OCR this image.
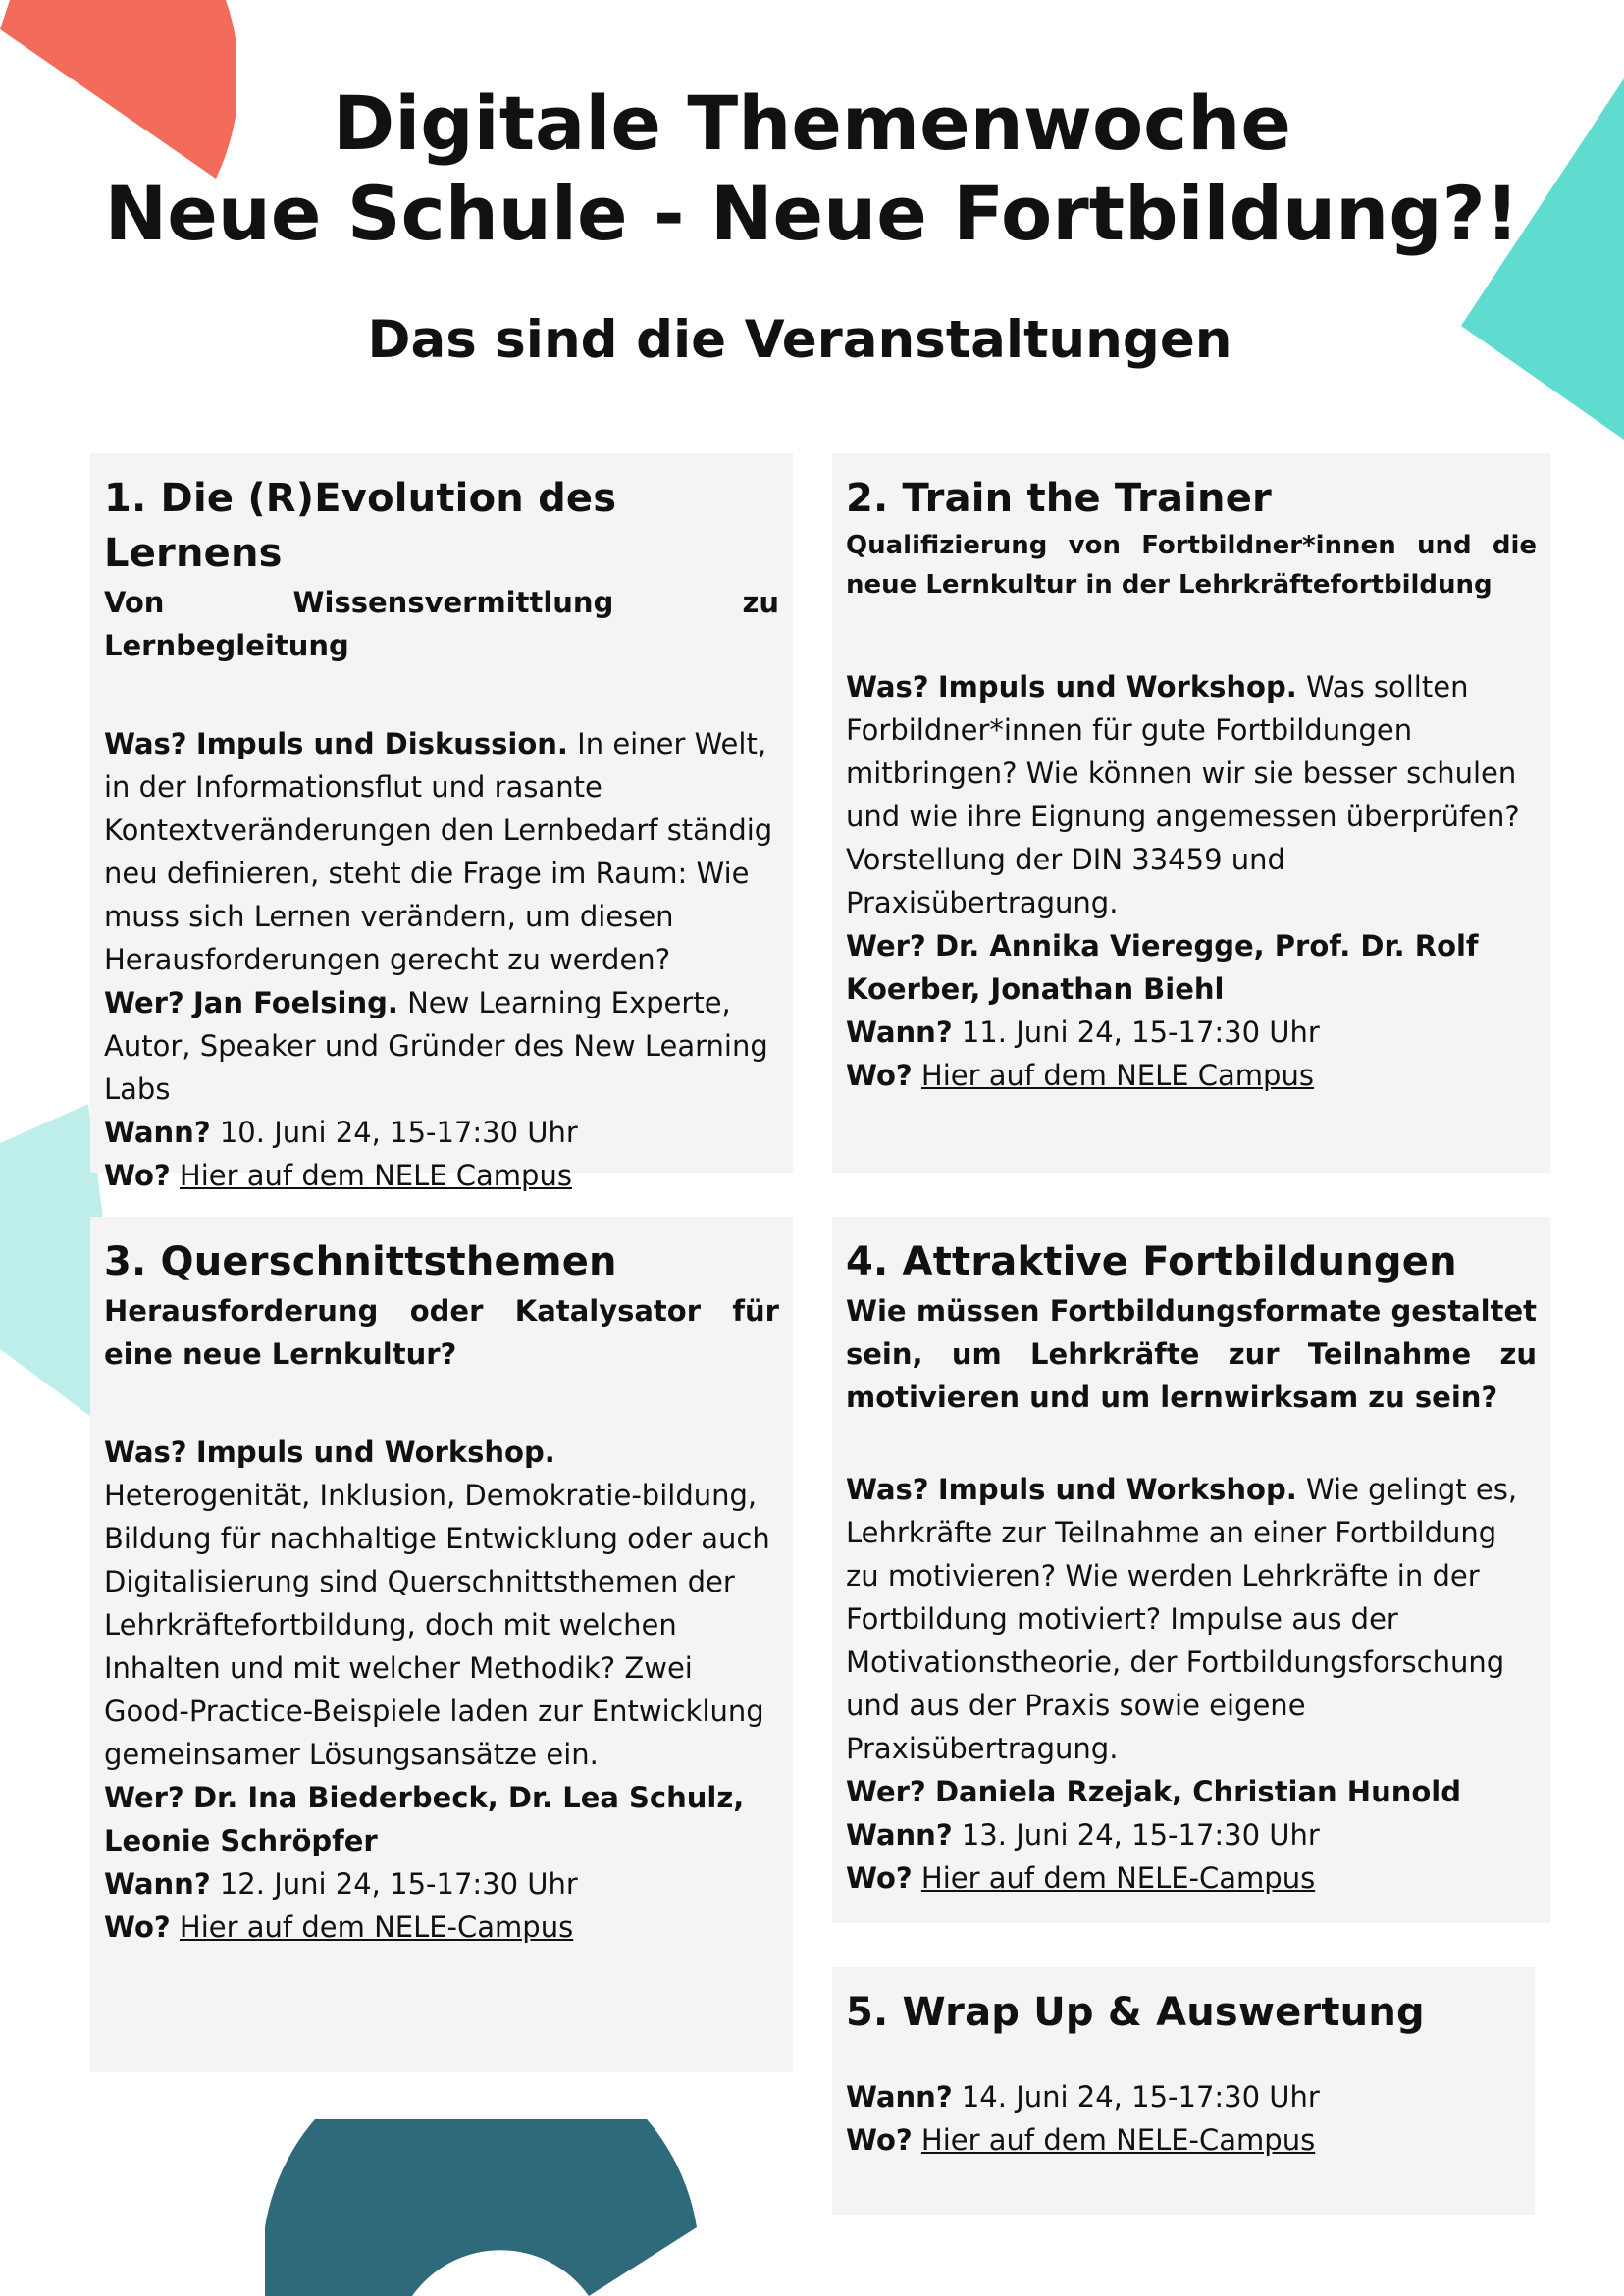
Digitale Themenwoche
Neue Schule - Neue Fortbildung?!
Das sind die Veranstaltungen
1. Die (R)Evolution des Lernens

Von Wissensvermittlung zu Lernbegleitung

Was? Impuls und Diskussion. In einer Welt, in der Informationsflut und rasante Kontextveränderungen den Lernbedarf ständig neu definieren, steht die Frage im Raum: Wie muss sich Lernen verändern, um diesen Herausforderungen gerecht zu werden?

Wer? Jan Foelsing. New Learning Experte, Autor, Speaker und Gründer des New Learning Labs

Wann? 10. Juni 24, 15-17:30 Uhr

Wo? Hier auf dem NELE Campus

2. Train the Trainer

Qualifizierung von Fortbildner*innen und die neue Lernkultur in der Lehrkräftefortbildung

Was? Impuls und Workshop. Was sollten Forbildner*innen für gute Fortbildungen mitbringen? Wie können wir sie besser schulen und wie ihre Eignung angemessen überprüfen? Vorstellung der DIN 33459 und Praxisübertragung.

Wer? Dr. Annika Vieregge, Prof. Dr. Rolf Koerber, Jonathan Biehl

Wann? 11. Juni 24, 15-17:30 Uhr

Wo? Hier auf dem NELE Campus

3. Querschnittsthemen

Herausforderung oder Katalysator für eine neue Lernkultur?

Was? Impuls und Workshop.
Heterogenität, Inklusion, Demokratie-bildung, Bildung für nachhaltige Entwicklung oder auch Digitalisierung sind Querschnittsthemen der Lehrkräftefortbildung, doch mit welchen Inhalten und mit welcher Methodik? Zwei Good-Practice-Beispiele laden zur Entwicklung gemeinsamer Lösungsansätze ein.

Wer? Dr. Ina Biederbeck, Dr. Lea Schulz, Leonie Schröpfer

Wann? 12. Juni 24, 15-17:30 Uhr

Wo? Hier auf dem NELE-Campus

4. Attraktive Fortbildungen

Wie müssen Fortbildungsformate gestaltet sein, um Lehrkräfte zur Teilnahme zu motivieren und um lernwirksam zu sein?

Was? Impuls und Workshop. Wie gelingt es, Lehrkräfte zur Teilnahme an einer Fortbildung zu motivieren? Wie werden Lehrkräfte in der Fortbildung motiviert? Impulse aus der Motivationstheorie, der Fortbildungsforschung und aus der Praxis sowie eigene Praxisübertragung.

Wer? Daniela Rzejak, Christian Hunold

Wann? 13. Juni 24, 15-17:30 Uhr

Wo? Hier auf dem NELE-Campus

5. Wrap Up & Auswertung

Wann? 14. Juni 24, 15-17:30 Uhr

Wo? Hier auf dem NELE-Campus
